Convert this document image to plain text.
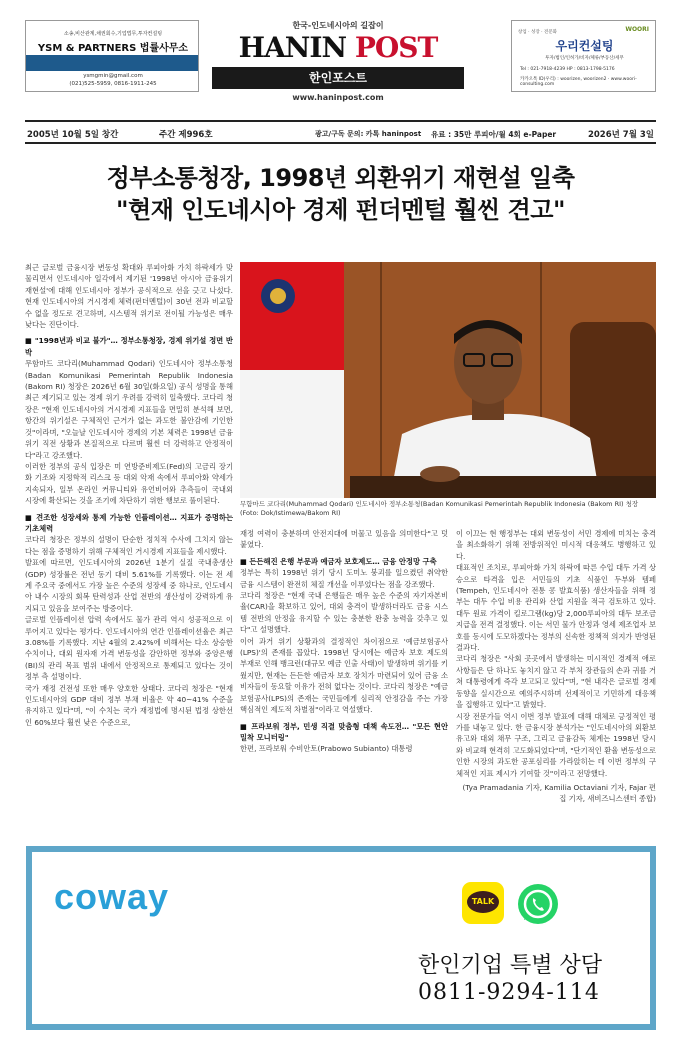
소송,비산관계,채권회수,기업법무,투자컨설팅
YSM & PARTNERS 법률사무소
ysmgmin@gmail.com
(021)525-5959, 0816-1911-245
한국-인도네시아의 길잡이
HANIN POST
한인포스트
www.haninpost.com
창업 · 성장 · 전문화	WOORI
우리컨설팅
투자/법인/인허가/비자/체류/부동산/세무
Tel : 021-7918-4239 HP : 0813-1798-5176
카카오톡 ID(우리) : woorizen, woorizen2 · www.woori-consulting.com
2005년 10월 5일 창간	주간 제996호	광고/구독 문의: 카톡 haninpost 유료 : 35만 루피아/월 4회 e-Paper	2026년 7월 3일
정부소통청장, 1998년 외환위기 재현설 일축
"현재 인도네시아 경제 펀더멘털 훨씬 견고"

최근 글로벌 금융시장 변동성 확대와 루피아화 가치 하락세가 맞물리면서 인도네시아 일각에서 제기된 '1998년 아시아 금융위기 재현설'에 대해 인도네시아 정부가 공식적으로 선을 긋고 나섰다. 현재 인도네시아의 거시경제 체력(펀더멘털)이 30년 전과 비교할 수 없을 정도로 견고하며, 시스템적 위기로 전이될 가능성은 매우 낮다는 진단이다.

■ "1998년과 비교 불가"… 정부소통청장, 경제 위기설 정면 반박

무함마드 코다리(Muhammad Qodari) 인도네시아 정부소통청(Badan Komunikasi Pemerintah Republik Indonesia (Bakom RI) 청장은 2026년 6월 30일(화요일) 공식 성명을 통해 최근 제기되고 있는 경제 위기 우려를 강력히 일축했다. 코다리 청장은 "현재 인도네시아의 거시경제 지표들을 면밀히 분석해 보면, 항간의 위기설은 구체적인 근거가 없는 과도한 불안감에 기인한 것"이라며, "오늘날 인도네시아 경제의 기본 체력은 1998년 금융위기 직전 상황과 본질적으로 다르며 훨씬 더 강력하고 안정적이다"라고 강조했다.

이러한 정부의 공식 입장은 미 연방준비제도(Fed)의 고금리 장기화 기조와 지정학적 리스크 등 대외 악재 속에서 루피아화 약세가 지속되자, 일부 온라인 커뮤니티와 유언비어와 추측들이 국내외 시장에 확산되는 것을 조기에 차단하기 위한 행보로 풀이된다.

■ 견조한 성장세와 통제 가능한 인플레이션… 지표가 증명하는 기초체력

코다리 청장은 정부의 설명이 단순한 정치적 수사에 그치지 않는다는 점을 증명하기 위해 구체적인 거시경제 지표들을 제시했다.

발표에 따르면, 인도네시아의 2026년 1분기 실질 국내총생산(GDP) 성장률은 전년 동기 대비 5.61%를 기록했다. 이는 전 세계 주요국 중에서도 가장 높은 수준의 성장세 중 하나로, 인도네시아 내수 시장의 회복 탄력성과 산업 전반의 생산성이 강력하게 유지되고 있음을 보여주는 방증이다.

글로벌 인플레이션 압력 속에서도 물가 관리 역시 성공적으로 이루어지고 있다는 평가다. 인도네시아의 연간 인플레이션율은 최근 3.08%를 기록했다. 지난 4월의 2.42%에 비해서는 다소 상승한 수치이나, 대외 원자재 가격 변동성을 감안하면 정부와 중앙은행(BI)의 관리 목표 범위 내에서 안정적으로 통제되고 있다는 것이 정부 측 설명이다.

국가 재정 건전성 또한 매우 양호한 상태다. 코다리 청장은 "현재 인도네시아의 GDP 대비 정부 부채 비율은 약 40~41% 수준을 유지하고 있다"며, "이 수치는 국가 재정법에 명시된 법정 상한선인 60%보다 훨씬 낮은 수준으로,

무함마드 코다리(Muhammad Qodari) 인도네시아 정부소통청(Badan Komunikasi Pemerintah Republik Indonesia (Bakom RI) 청장 (Foto: Dok/Istimewa/Bakom RI)

재정 여력이 충분하며 안전지대에 머물고 있음을 의미한다"고 덧붙였다.

■ 든든해진 은행 부문과 예금자 보호제도… 금융 안정망 구축

정부는 특히 1998년 위기 당시 도미노 붕괴를 일으켰던 취약한 금융 시스템이 완전히 체질 개선을 이루었다는 점을 강조했다.

코다리 청장은 "현재 국내 은행들은 매우 높은 수준의 자기자본비율(CAR)을 확보하고 있어, 대외 충격이 발생하더라도 금융 시스템 전반의 안정을 유지할 수 있는 충분한 완충 능력을 갖추고 있다"고 설명했다.

이어 과거 위기 상황과의 결정적인 차이점으로 '예금보험공사(LPS)'의 존재를 꼽았다. 1998년 당시에는 예금자 보호 제도의 부재로 인해 뱅크런(대규모 예금 인출 사태)이 발생하며 위기를 키웠지만, 현재는 든든한 예금자 보호 장치가 마련되어 있어 금융 소비자들이 동요할 이유가 전혀 없다는 것이다. 코다리 청장은 "예금보험공사(LPS)의 존재는 국민들에게 심리적 안정감을 주는 가장 핵심적인 제도적 차별점"이라고 역설했다.

■ 프라보워 정부, 민생 직결 맞춤형 대책 속도전… "모든 현안 밀착 모니터링"

한편, 프라보워 수비안토(Prabowo Subianto) 대통령

이 이끄는 현 행정부는 대외 변동성이 서민 경제에 미치는 충격을 최소화하기 위해 전방위적인 미시적 대응책도 병행하고 있다.

대표적인 조치로, 루피아화 가치 하락에 따른 수입 대두 가격 상승으로 타격을 입은 서민들의 기초 식품인 두부와 템페(Tempeh, 인도네시아 전통 콩 발효식품) 생산자들을 위해 정부는 대두 수입 비용 관리와 산업 지원을 적극 검토하고 있다. 대두 원료 가격이 킬로그램(kg)당 2,000루피아의 대두 보조금 지급을 전격 결정했다. 이는 서민 물가 안정과 영세 제조업자 보호를 동시에 도모하겠다는 정부의 신속한 정책적 의지가 반영된 결과다.

코다리 청장은 "사회 곳곳에서 발생하는 미시적인 경제적 애로사항들은 단 하나도 놓치지 않고 각 부처 장관들의 손과 귀를 거쳐 대통령에게 즉각 보고되고 있다"며, "현 내각은 글로벌 경제 동향을 실시간으로 예의주시하며 선제적이고 기민하게 대응책을 집행하고 있다"고 밝혔다.

시장 전문가들 역시 이번 정부 발표에 대해 대체로 긍정적인 평가를 내놓고 있다. 한 금융시장 분석가는 "인도네시아의 외환보유고와 대외 채무 구조, 그리고 금융감독 체계는 1998년 당시와 비교해 현격히 고도화되었다"며, "단기적인 환율 변동성으로 인한 시장의 과도한 공포심리를 가라앉히는 데 이번 정부의 구체적인 지표 제시가 기여할 것"이라고 전망했다.

(Tya Pramadania 기자, Kamilia Octaviani 기자, Fajar 편집 기자, 새비즈니스센터 종합)

coway	TALK
한인기업 특별 상담
0811-9294-114
